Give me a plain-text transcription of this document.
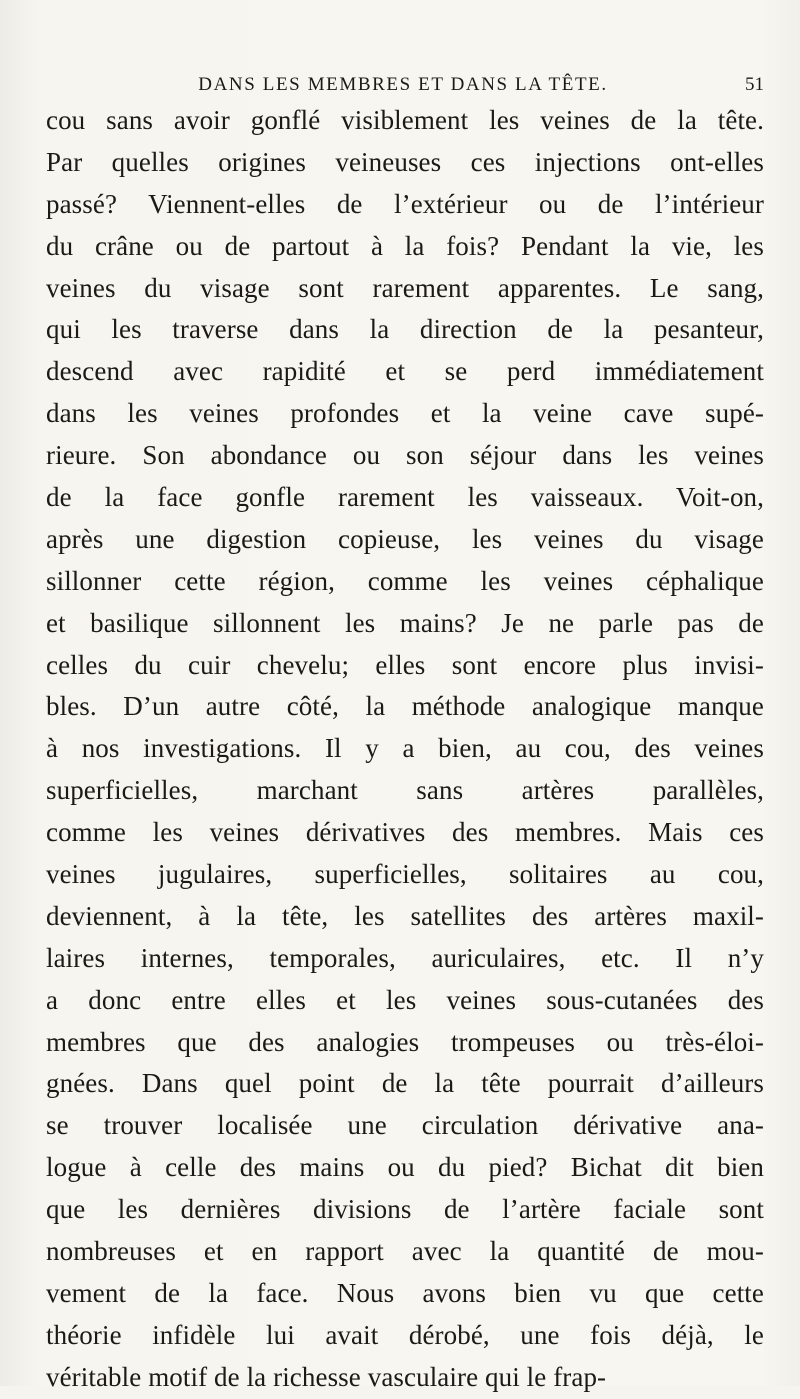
DANS LES MEMBRES ET DANS LA TÊTE.	51
cou sans avoir gonflé visiblement les veines de la tête.
Par quelles origines veineuses ces injections ont-elles
passé? Viennent-elles de l’extérieur ou de l’intérieur
du crâne ou de partout à la fois? Pendant la vie, les
veines du visage sont rarement apparentes. Le sang,
qui les traverse dans la direction de la pesanteur,
descend avec rapidité et se perd immédiatement
dans les veines profondes et la veine cave supé-
rieure. Son abondance ou son séjour dans les veines
de la face gonfle rarement les vaisseaux. Voit-on,
après une digestion copieuse, les veines du visage
sillonner cette région, comme les veines céphalique
et basilique sillonnent les mains? Je ne parle pas de
celles du cuir chevelu; elles sont encore plus invisi-
bles. D’un autre côté, la méthode analogique manque
à nos investigations. Il y a bien, au cou, des veines
superficielles, marchant sans artères parallèles,
comme les veines dérivatives des membres. Mais ces
veines jugulaires, superficielles, solitaires au cou,
deviennent, à la tête, les satellites des artères maxil-
laires internes, temporales, auriculaires, etc. Il n’y
a donc entre elles et les veines sous-cutanées des
membres que des analogies trompeuses ou très-éloi-
gnées. Dans quel point de la tête pourrait d’ailleurs
se trouver localisée une circulation dérivative ana-
logue à celle des mains ou du pied? Bichat dit bien
que les dernières divisions de l’artère faciale sont
nombreuses et en rapport avec la quantité de mou-
vement de la face. Nous avons bien vu que cette
théorie infidèle lui avait dérobé, une fois déjà, le
véritable motif de la richesse vasculaire qui le frap-
